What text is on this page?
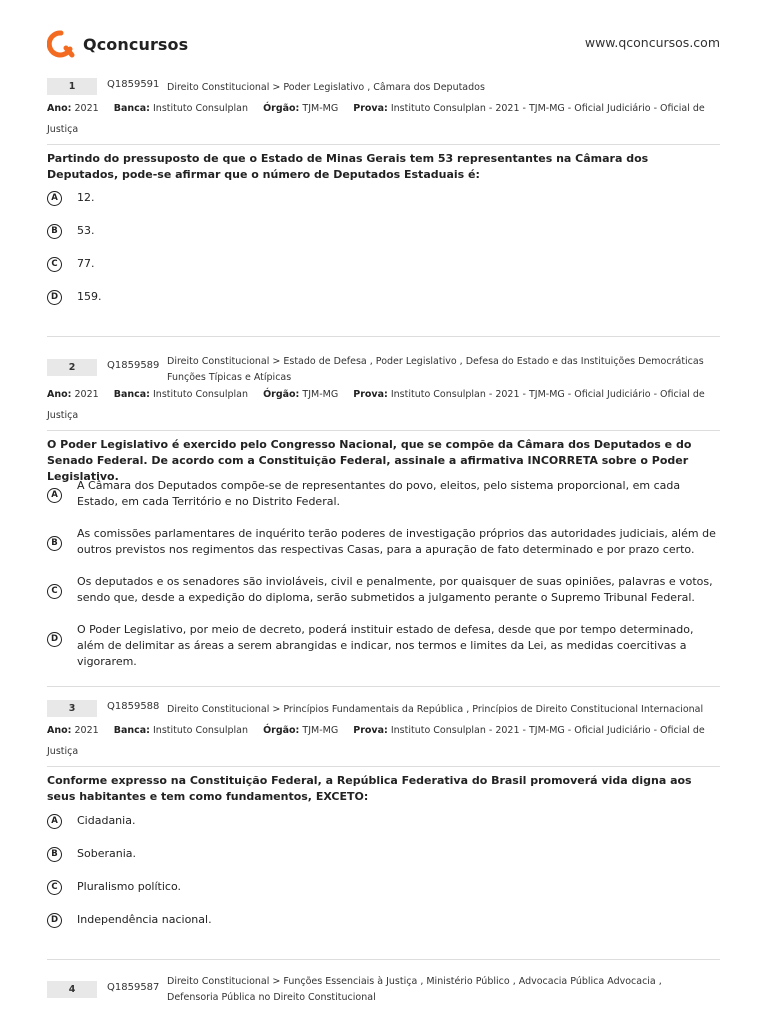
Qconcursos	www.qconcursos.com
1	Q1859591 Direito Constitucional > Poder Legislativo , Câmara dos Deputados
Ano: 2021 Banca: Instituto Consulplan Órgão: TJM-MG Prova: Instituto Consulplan - 2021 - TJM-MG - Oficial Judiciário - Oficial de
Justiça
Partindo do pressuposto de que o Estado de Minas Gerais tem 53 representantes na Câmara dos Deputados, pode-se afirmar que o número de Deputados Estaduais é:
A	12.
B	53.
C	77.
D	159.
2	Q1859589 Direito Constitucional > Estado de Defesa , Poder Legislativo , Defesa do Estado e das Instituições Democráticas
Funções Típicas e Atípicas
Ano: 2021 Banca: Instituto Consulplan Órgão: TJM-MG Prova: Instituto Consulplan - 2021 - TJM-MG - Oficial Judiciário - Oficial de
Justiça
O Poder Legislativo é exercido pelo Congresso Nacional, que se compõe da Câmara dos Deputados e do Senado Federal. De acordo com a Constituição Federal, assinale a afirmativa INCORRETA sobre o Poder Legislativo.
A
A Câmara dos Deputados compõe-se de representantes do povo, eleitos, pelo sistema proporcional, em cada Estado, em cada Território e no Distrito Federal.
B
As comissões parlamentares de inquérito terão poderes de investigação próprios das autoridades judiciais, além de outros previstos nos regimentos das respectivas Casas, para a apuração de fato determinado e por prazo certo.
C
Os deputados e os senadores são invioláveis, civil e penalmente, por quaisquer de suas opiniões, palavras e votos, sendo que, desde a expedição do diploma, serão submetidos a julgamento perante o Supremo Tribunal Federal.
D
O Poder Legislativo, por meio de decreto, poderá instituir estado de defesa, desde que por tempo determinado, além de delimitar as áreas a serem abrangidas e indicar, nos termos e limites da Lei, as medidas coercitivas a vigorarem.
3	Q1859588 Direito Constitucional > Princípios Fundamentais da República , Princípios de Direito Constitucional Internacional
Ano: 2021 Banca: Instituto Consulplan Órgão: TJM-MG Prova: Instituto Consulplan - 2021 - TJM-MG - Oficial Judiciário - Oficial de
Justiça
Conforme expresso na Constituição Federal, a República Federativa do Brasil promoverá vida digna aos seus habitantes e tem como fundamentos, EXCETO:
A	Cidadania.
B	Soberania.
C	Pluralismo político.
D	Independência nacional.
4	Q1859587
Direito Constitucional > Funções Essenciais à Justiça , Ministério Público , Advocacia Pública Advocacia ,
Defensoria Pública no Direito Constitucional
